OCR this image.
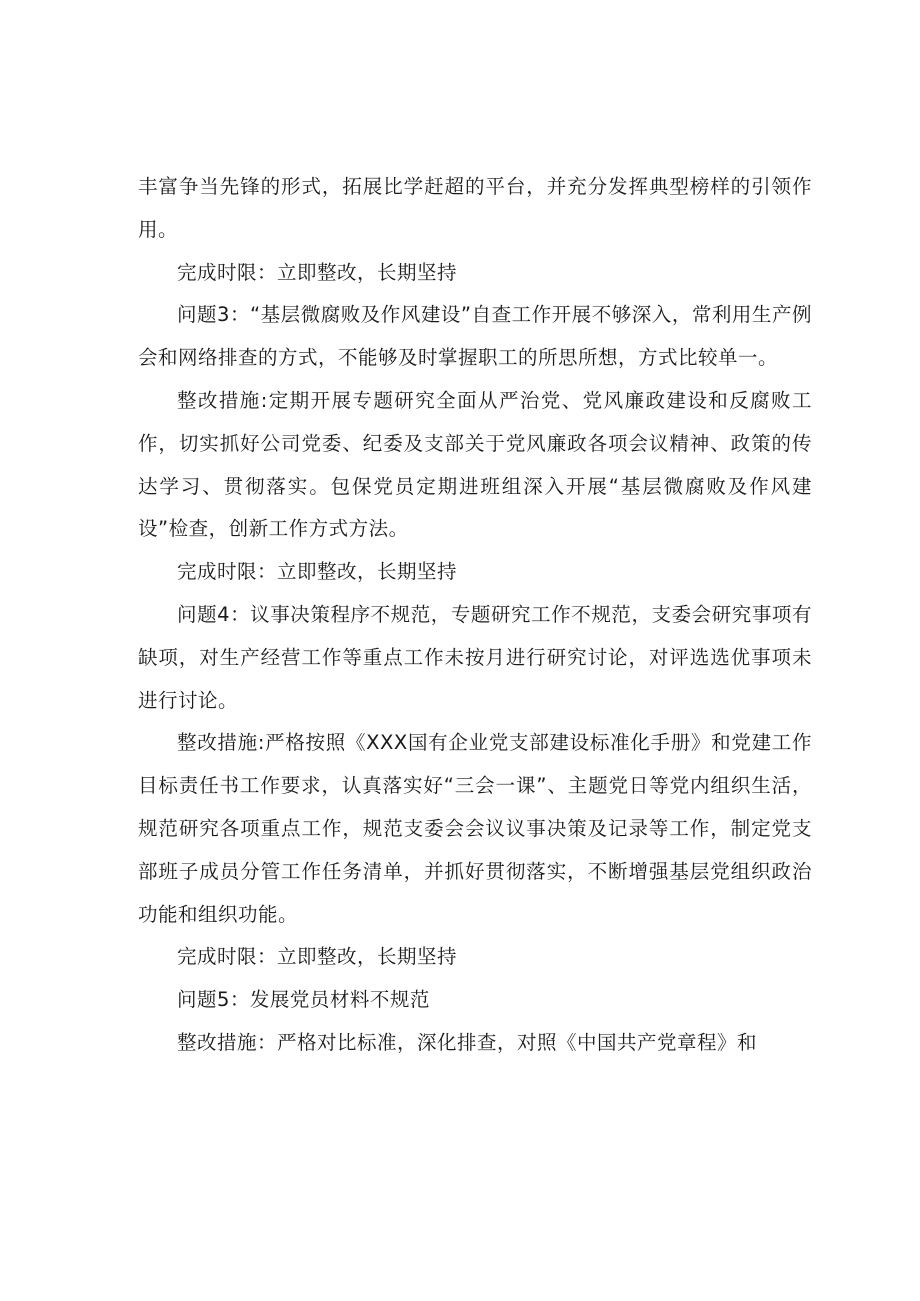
丰富争当先锋的形式，拓展比学赶超的平台，并充分发挥典型榜样的引领作用。

完成时限：立即整改，长期坚持

问题3：“基层微腐败及作风建设”自查工作开展不够深入，常利用生产例会和网络排查的方式，不能够及时掌握职工的所思所想，方式比较单一。

整改措施:定期开展专题研究全面从严治党、党风廉政建设和反腐败工作，切实抓好公司党委、纪委及支部关于党风廉政各项会议精神、政策的传达学习、贯彻落实。包保党员定期进班组深入开展“基层微腐败及作风建设”检查，创新工作方式方法。

完成时限：立即整改，长期坚持

问题4：议事决策程序不规范，专题研究工作不规范，支委会研究事项有缺项，对生产经营工作等重点工作未按月进行研究讨论，对评选选优事项未进行讨论。

整改措施:严格按照《XXX国有企业党支部建设标准化手册》和党建工作目标责任书工作要求，认真落实好“三会一课”、主题党日等党内组织生活，规范研究各项重点工作，规范支委会会议议事决策及记录等工作，制定党支部班子成员分管工作任务清单，并抓好贯彻落实，不断增强基层党组织政治功能和组织功能。

完成时限：立即整改，长期坚持

问题5：发展党员材料不规范

整改措施：严格对比标准，深化排查，对照《中国共产党章程》和
